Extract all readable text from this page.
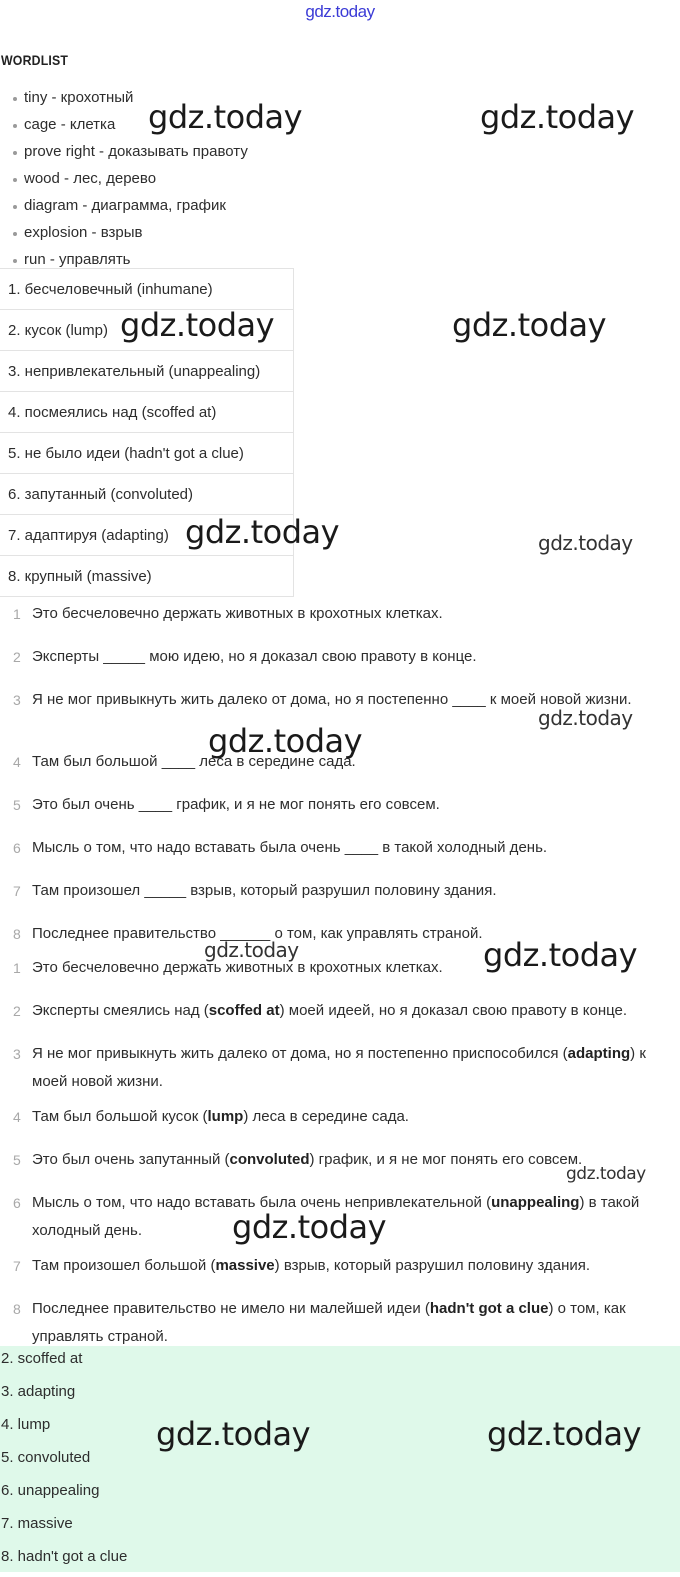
gdz.today
WORDLIST
tiny - крохотный
cage - клетка
prove right - доказывать правоту
wood - лес, дерево
diagram - диаграмма, график
explosion - взрыв
run - управлять
1. бесчеловечный (inhumane)
2. кусок (lump)
3. непривлекательный (unappealing)
4. посмеялись над (scoffed at)
5. не было идеи (hadn't got a clue)
6. запутанный (convoluted)
7. адаптируя (adapting)
8. крупный (massive)
1 Это бесчеловечно держать животных в крохотных клетках.
2 Эксперты _____ мою идею, но я доказал свою правоту в конце.
3 Я не мог привыкнуть жить далеко от дома, но я постепенно ____ к моей новой жизни.
4 Там был большой ____ леса в середине сада.
5 Это был очень ____ график, и я не мог понять его совсем.
6 Мысль о том, что надо вставать была очень ____ в такой холодный день.
7 Там произошел _____ взрыв, который разрушил половину здания.
8 Последнее правительство ______ о том, как управлять страной.
1 Это бесчеловечно держать животных в крохотных клетках.
2 Эксперты смеялись над (scoffed at) моей идеей, но я доказал свою правоту в конце.
3 Я не мог привыкнуть жить далеко от дома, но я постепенно приспособился (adapting) к моей новой жизни.
4 Там был большой кусок (lump) леса в середине сада.
5 Это был очень запутанный (convoluted) график, и я не мог понять его совсем.
6 Мысль о том, что надо вставать была очень непривлекательной (unappealing) в такой холодный день.
7 Там произошел большой (massive) взрыв, который разрушил половину здания.
8 Последнее правительство не имело ни малейшей идеи (hadn't got a clue) о том, как управлять страной.
2. scoffed at
3. adapting
4. lump
5. convoluted
6. unappealing
7. massive
8. hadn't got a clue
gdz.today	gdz.today
gdz.today	gdz.today
gdz.today	gdz.today
gdz.today
gdz.today
gdz.today	gdz.today
gdz.today
gdz.today
gdz.today	gdz.today
